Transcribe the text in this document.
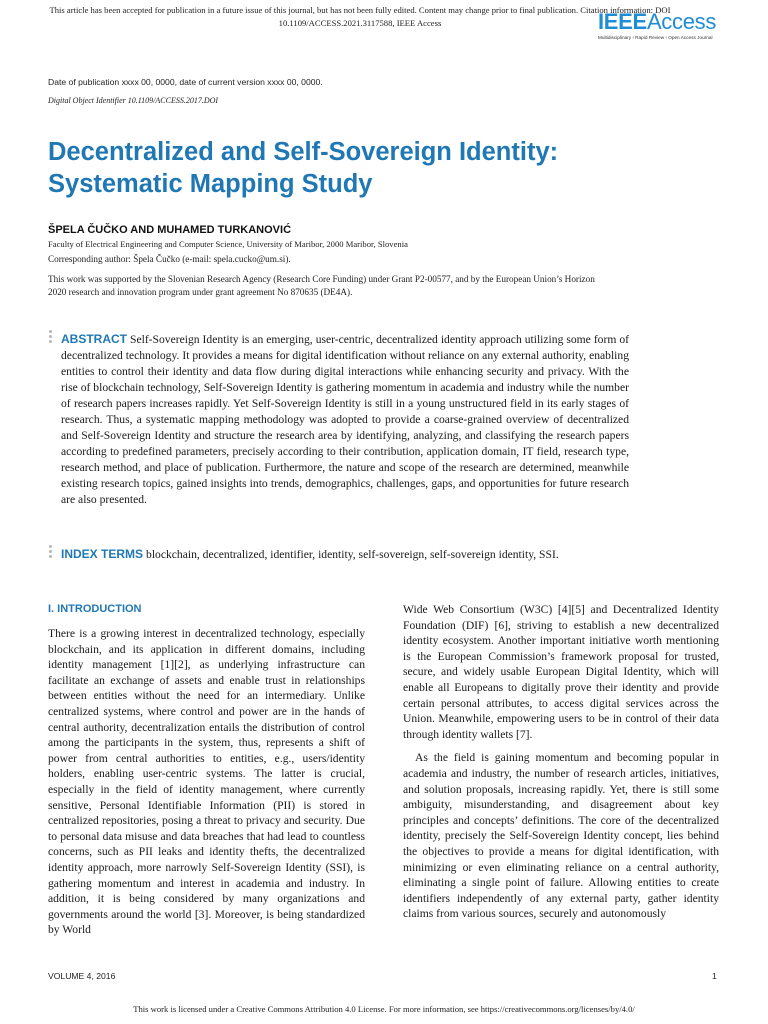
This article has been accepted for publication in a future issue of this journal, but has not been fully edited. Content may change prior to final publication. Citation information: DOI
10.1109/ACCESS.2021.3117588, IEEE Access	IEEEAccess
Multidisciplinary ⁝ Rapid Review ⁝ Open Access Journal
Date of publication xxxx 00, 0000, date of current version xxxx 00, 0000.
Digital Object Identifier 10.1109/ACCESS.2017.DOI
Decentralized and Self-Sovereign Identity: Systematic Mapping Study
ŠPELA ČUČKO AND MUHAMED TURKANOVIĆ
Faculty of Electrical Engineering and Computer Science, University of Maribor, 2000 Maribor, Slovenia
Corresponding author: Špela Čučko (e-mail: spela.cucko@um.si).
This work was supported by the Slovenian Research Agency (Research Core Funding) under Grant P2-00577, and by the European Union’s Horizon 2020 research and innovation program under grant agreement No 870635 (DE4A).
ABSTRACT Self-Sovereign Identity is an emerging, user-centric, decentralized identity approach utilizing some form of decentralized technology. It provides a means for digital identification without reliance on any external authority, enabling entities to control their identity and data flow during digital interactions while enhancing security and privacy. With the rise of blockchain technology, Self-Sovereign Identity is gathering momentum in academia and industry while the number of research papers increases rapidly. Yet Self-Sovereign Identity is still in a young unstructured field in its early stages of research. Thus, a systematic mapping methodology was adopted to provide a coarse-grained overview of decentralized and Self-Sovereign Identity and structure the research area by identifying, analyzing, and classifying the research papers according to predefined parameters, precisely according to their contribution, application domain, IT field, research type, research method, and place of publication. Furthermore, the nature and scope of the research are determined, meanwhile existing research topics, gained insights into trends, demographics, challenges, gaps, and opportunities for future research are also presented.
INDEX TERMS blockchain, decentralized, identifier, identity, self-sovereign, self-sovereign identity, SSI.
I. INTRODUCTION
There is a growing interest in decentralized technology, especially blockchain, and its application in different domains, including identity management [1][2], as underlying infrastructure can facilitate an exchange of assets and enable trust in relationships between entities without the need for an intermediary. Unlike centralized systems, where control and power are in the hands of central authority, decentralization entails the distribution of control among the participants in the system, thus, represents a shift of power from central authorities to entities, e.g., users/identity holders, enabling user-centric systems. The latter is crucial, especially in the field of identity management, where currently sensitive, Personal Identifiable Information (PII) is stored in centralized repositories, posing a threat to privacy and security. Due to personal data misuse and data breaches that had lead to countless concerns, such as PII leaks and identity thefts, the decentralized identity approach, more narrowly Self-Sovereign Identity (SSI), is gathering momentum and interest in academia and industry. In addition, it is being considered by many organizations and governments around the world [3]. Moreover, is being standardized by World

Wide Web Consortium (W3C) [4][5] and Decentralized Identity Foundation (DIF) [6], striving to establish a new decentralized identity ecosystem. Another important initiative worth mentioning is the European Commission’s framework proposal for trusted, secure, and widely usable European Digital Identity, which will enable all Europeans to digitally prove their identity and provide certain personal attributes, to access digital services across the Union. Meanwhile, empowering users to be in control of their data through identity wallets [7].

As the field is gaining momentum and becoming popular in academia and industry, the number of research articles, initiatives, and solution proposals, increasing rapidly. Yet, there is still some ambiguity, misunderstanding, and disagreement about key principles and concepts’ definitions. The core of the decentralized identity, precisely the Self-Sovereign Identity concept, lies behind the objectives to provide a means for digital identification, with minimizing or even eliminating reliance on a central authority, eliminating a single point of failure. Allowing entities to create identifiers independently of any external party, gather identity claims from various sources, securely and autonomously

VOLUME 4, 2016	1
This work is licensed under a Creative Commons Attribution 4.0 License. For more information, see https://creativecommons.org/licenses/by/4.0/
